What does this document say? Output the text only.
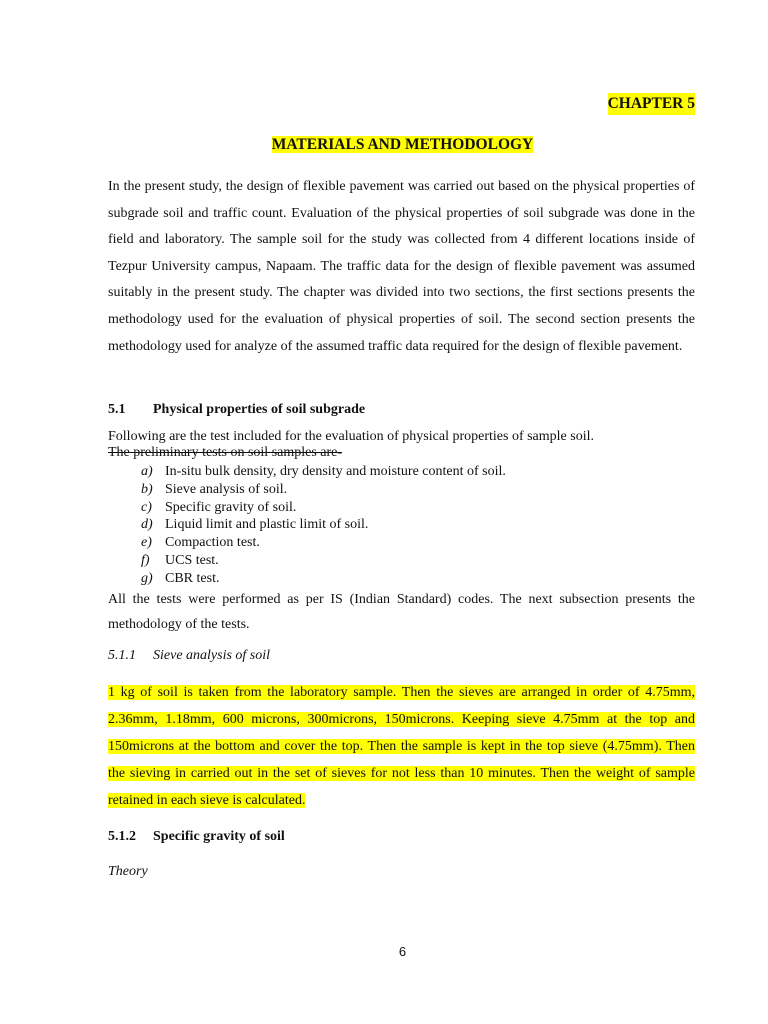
CHAPTER 5
MATERIALS AND METHODOLOGY

In the present study, the design of flexible pavement was carried out based on the physical properties of subgrade soil and traffic count. Evaluation of the physical properties of soil subgrade was done in the field and laboratory. The sample soil for the study was collected from 4 different locations inside of Tezpur University campus, Napaam. The traffic data for the design of flexible pavement was assumed suitably in the present study. The chapter was divided into two sections, the first sections presents the methodology used for the evaluation of physical properties of soil. The second section presents the methodology used for analyze of the assumed traffic data required for the design of flexible pavement.

5.1 Physical properties of soil subgrade
Following are the test included for the evaluation of physical properties of sample soil.
The preliminary tests on soil samples are-
a) In-situ bulk density, dry density and moisture content of soil.
b) Sieve analysis of soil.
c) Specific gravity of soil.
d) Liquid limit and plastic limit of soil.
e) Compaction test.
f) UCS test.
g) CBR test.

All the tests were performed as per IS (Indian Standard) codes. The next subsection presents the methodology of the tests.

5.1.1 Sieve analysis of soil

1 kg of soil is taken from the laboratory sample. Then the sieves are arranged in order of 4.75mm, 2.36mm, 1.18mm, 600 microns, 300microns, 150microns. Keeping sieve 4.75mm at the top and 150microns at the bottom and cover the top. Then the sample is kept in the top sieve (4.75mm). Then the sieving in carried out in the set of sieves for not less than 10 minutes. Then the weight of sample retained in each sieve is calculated.

5.1.2 Specific gravity of soil
Theory
6
